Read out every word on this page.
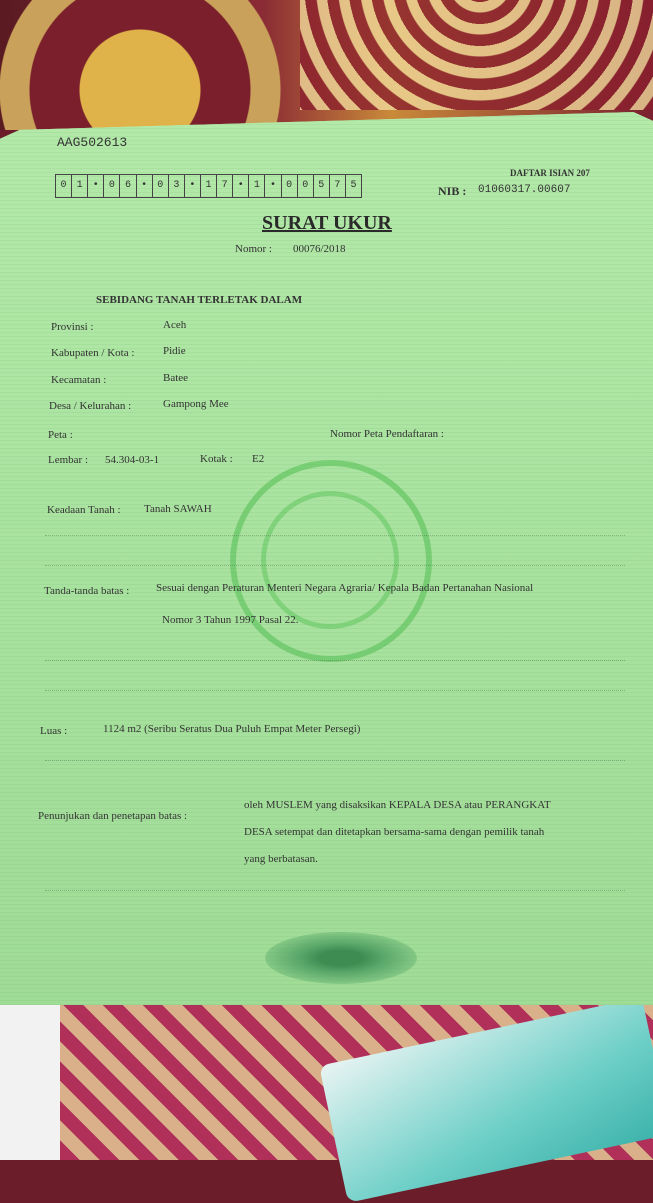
AAG502613
DAFTAR ISIAN 207
0	1	•	0	6	•	0	3	•	1	7	•	1	•	0	0	5	7	5	NIB : 01060317.00607
SURAT UKUR
Nomor : 00076/2018
SEBIDANG TANAH TERLETAK DALAM
Provinsi :	Aceh
Kabupaten / Kota :	Pidie
Kecamatan :	Batee
Desa / Kelurahan :	Gampong Mee
Peta :	Nomor Peta Pendaftaran :
Lembar : 54.304-03-1	Kotak : E2
Keadaan Tanah : Tanah SAWAH
Tanda-tanda batas : Sesuai dengan Peraturan Menteri Negara Agraria/ Kepala Badan Pertanahan Nasional
Nomor 3 Tahun 1997 Pasal 22.
Luas :	1124 m2 (Seribu Seratus Dua Puluh Empat Meter Persegi)
Penunjukan dan penetapan batas :
oleh MUSLEM yang disaksikan KEPALA DESA atau PERANGKAT
DESA setempat dan ditetapkan bersama-sama dengan pemilik tanah
yang berbatasan.
